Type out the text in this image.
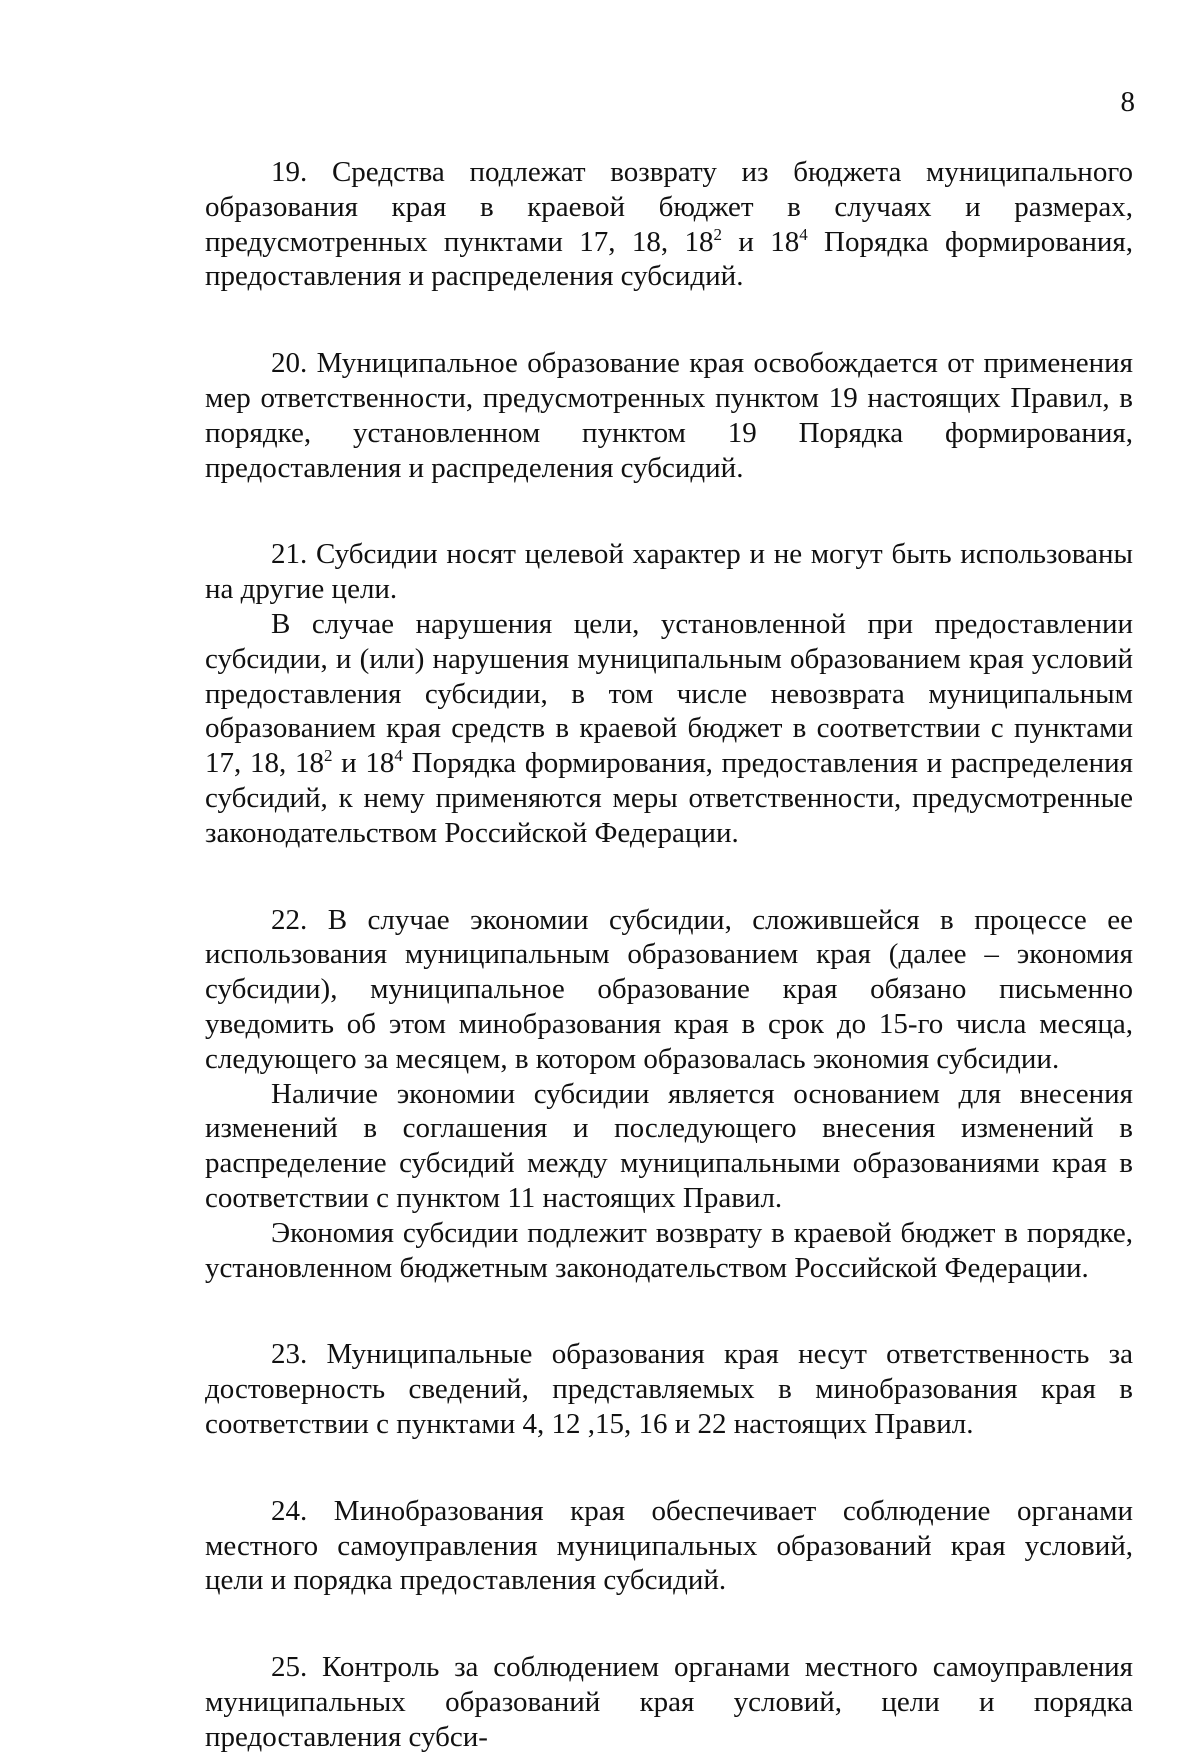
8

19. Средства подлежат возврату из бюджета муниципального образования края в краевой бюджет в случаях и размерах, предусмотренных пунктами 17, 18, $18^2$ и $18^4$ Порядка формирования, предоставления и распределения субсидий.

20. Муниципальное образование края освобождается от применения мер ответственности, предусмотренных пунктом 19 настоящих Правил, в порядке, установленном пунктом 19 Порядка формирования, предоставления и распределения субсидий.

21. Субсидии носят целевой характер и не могут быть использованы на другие цели.

В случае нарушения цели, установленной при предоставлении субсидии, и (или) нарушения муниципальным образованием края условий предоставления субсидии, в том числе невозврата муниципальным образованием края средств в краевой бюджет в соответствии с пунктами 17, 18, $18^2$ и $18^4$ Порядка формирования, предоставления и распределения субсидий, к нему применяются меры ответственности, предусмотренные законодательством Российской Федерации.

22. В случае экономии субсидии, сложившейся в процессе ее использования муниципальным образованием края (далее – экономия субсидии), муниципальное образование края обязано письменно уведомить об этом минобразования края в срок до 15-го числа месяца, следующего за месяцем, в котором образовалась экономия субсидии.

Наличие экономии субсидии является основанием для внесения изменений в соглашения и последующего внесения изменений в распределение субсидий между муниципальными образованиями края в соответствии с пунктом 11 настоящих Правил.

Экономия субсидии подлежит возврату в краевой бюджет в порядке, установленном бюджетным законодательством Российской Федерации.

23. Муниципальные образования края несут ответственность за достоверность сведений, представляемых в минобразования края в соответствии с пунктами 4, 12 ,15, 16 и 22 настоящих Правил.

24. Минобразования края обеспечивает соблюдение органами местного самоуправления муниципальных образований края условий, цели и порядка предоставления субсидий.

25. Контроль за соблюдением органами местного самоуправления муниципальных образований края условий, цели и порядка предоставления субси-
